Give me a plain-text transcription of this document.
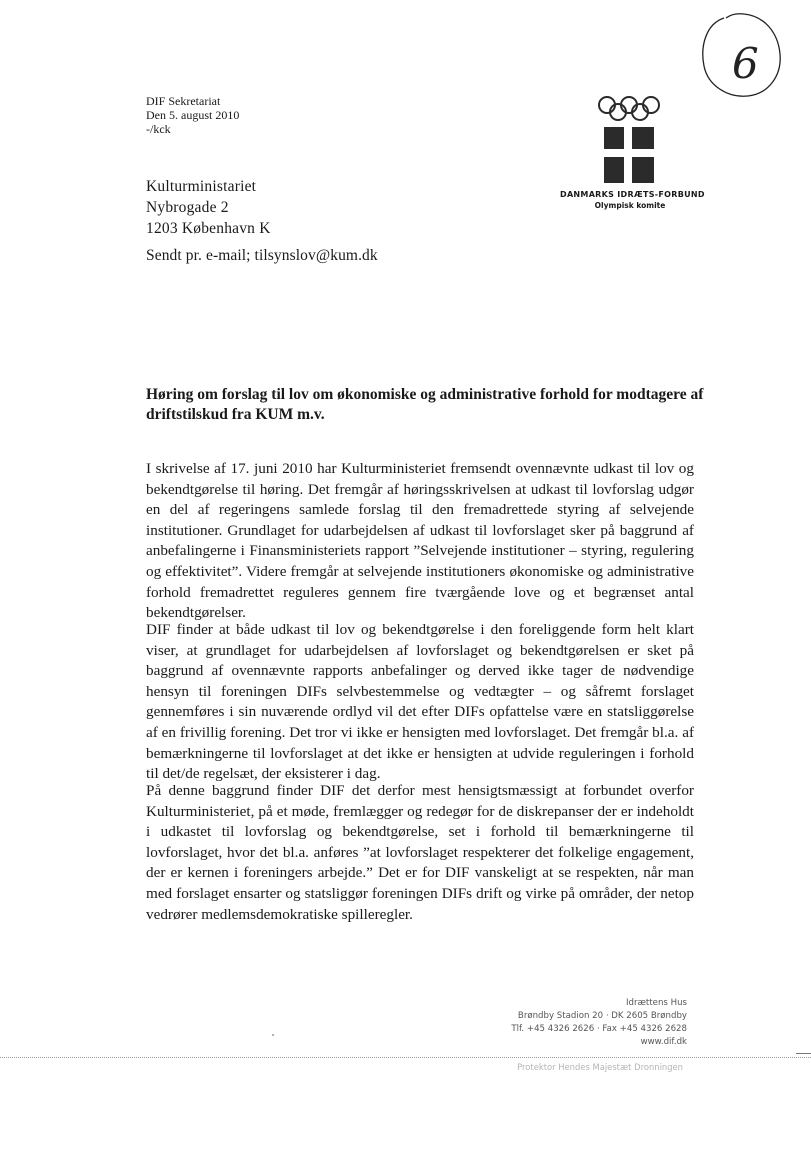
6
DIF Sekretariat
Den 5. august 2010
-/kck
Kulturministariet
Nybrogade 2
1203 København K
Sendt pr. e-mail; tilsynslov@kum.dk
DANMARKS IDRÆTS-FORBUND
Olympisk komite
Høring om forslag til lov om økonomiske og administrative forhold for modtagere af driftstilskud fra KUM m.v.
I skrivelse af 17. juni 2010 har Kulturministeriet fremsendt ovennævnte udkast til lov og bekendtgørelse til høring. Det fremgår af høringsskrivelsen at udkast til lovforslag udgør en del af regeringens samlede forslag til den fremadrettede styring af selvejende institutioner. Grundlaget for udarbejdelsen af udkast til lovforslaget sker på baggrund af anbefalingerne i Finansministeriets rapport ”Selvejende institutioner – styring, regulering og effektivitet”. Videre fremgår at selvejende institutioners økonomiske og administrative forhold fremadrettet reguleres gennem fire tværgående love og et begrænset antal bekendtgørelser.
DIF finder at både udkast til lov og bekendtgørelse i den foreliggende form helt klart viser, at grundlaget for udarbejdelsen af lovforslaget og bekendtgørelsen er sket på baggrund af ovennævnte rapports anbefalinger og derved ikke tager de nødvendige hensyn til foreningen DIFs selvbestemmelse og vedtægter – og såfremt forslaget gennemføres i sin nuværende ordlyd vil det efter DIFs opfattelse være en statsliggørelse af en frivillig forening. Det tror vi ikke er hensigten med lovforslaget. Det fremgår bl.a. af bemærkningerne til lovforslaget at det ikke er hensigten at udvide reguleringen i forhold til det/de regelsæt, der eksisterer i dag.
På denne baggrund finder DIF det derfor mest hensigtsmæssigt at forbundet overfor Kulturministeriet, på et møde, fremlægger og redegør for de diskrepanser der er indeholdt i udkastet til lovforslag og bekendtgørelse, set i forhold til bemærkningerne til lovforslaget, hvor det bl.a. anføres ”at lovforslaget respekterer det folkelige engagement, der er kernen i foreningers arbejde.” Det er for DIF vanskeligt at se respekten, når man med forslaget ensarter og statsliggør foreningen DIFs drift og virke på områder, der netop vedrører medlemsdemokratiske spilleregler.
Idrættens Hus
Brøndby Stadion 20 · DK 2605 Brøndby
Tlf. +45 4326 2626 · Fax +45 4326 2628
www.dif.dk
Protektor Hendes Majestæt Dronningen
